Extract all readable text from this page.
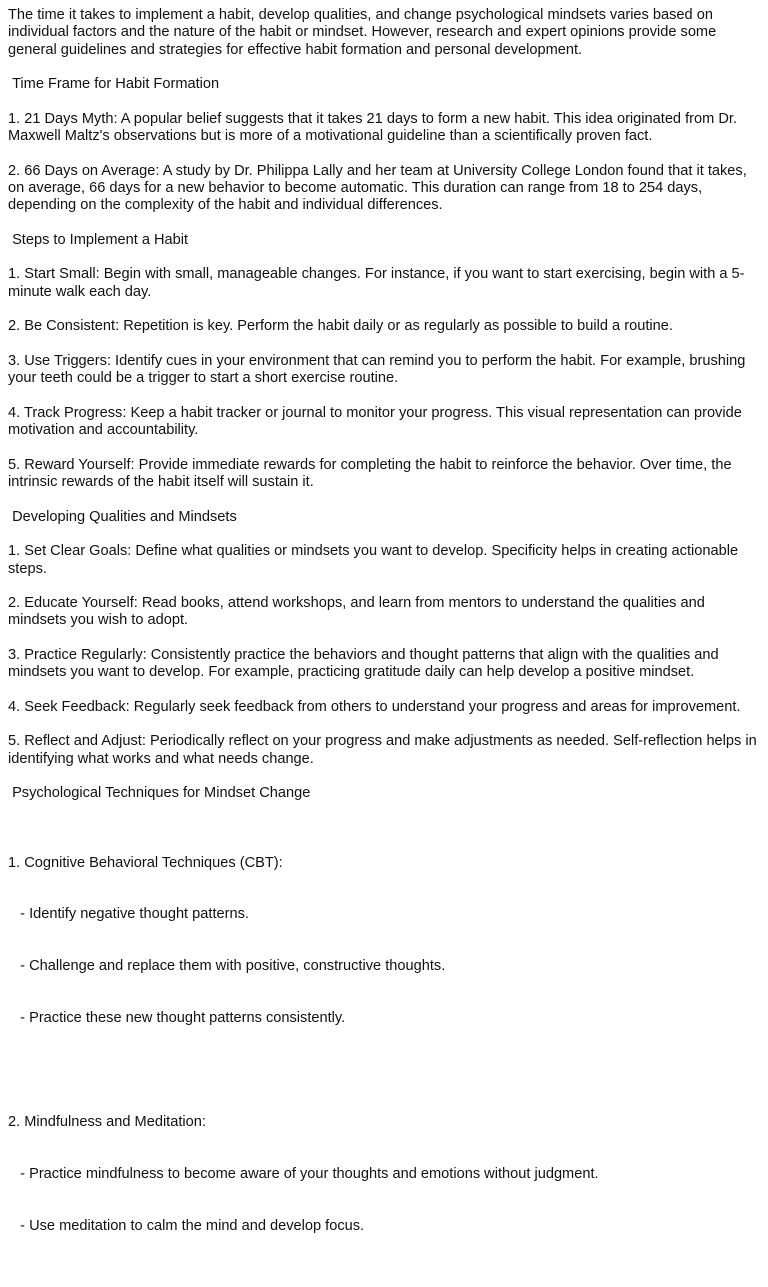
The time it takes to implement a habit, develop qualities, and change psychological mindsets varies based on individual factors and the nature of the habit or mindset. However, research and expert opinions provide some general guidelines and strategies for effective habit formation and personal development.

Time Frame for Habit Formation

1. 21 Days Myth: A popular belief suggests that it takes 21 days to form a new habit. This idea originated from Dr. Maxwell Maltz's observations but is more of a motivational guideline than a scientifically proven fact.

2. 66 Days on Average: A study by Dr. Philippa Lally and her team at University College London found that it takes, on average, 66 days for a new behavior to become automatic. This duration can range from 18 to 254 days, depending on the complexity of the habit and individual differences.

Steps to Implement a Habit

1. Start Small: Begin with small, manageable changes. For instance, if you want to start exercising, begin with a 5-minute walk each day.

2. Be Consistent: Repetition is key. Perform the habit daily or as regularly as possible to build a routine.

3. Use Triggers: Identify cues in your environment that can remind you to perform the habit. For example, brushing your teeth could be a trigger to start a short exercise routine.

4. Track Progress: Keep a habit tracker or journal to monitor your progress. This visual representation can provide motivation and accountability.

5. Reward Yourself: Provide immediate rewards for completing the habit to reinforce the behavior. Over time, the intrinsic rewards of the habit itself will sustain it.

Developing Qualities and Mindsets

1. Set Clear Goals: Define what qualities or mindsets you want to develop. Specificity helps in creating actionable steps.

2. Educate Yourself: Read books, attend workshops, and learn from mentors to understand the qualities and mindsets you wish to adopt.

3. Practice Regularly: Consistently practice the behaviors and thought patterns that align with the qualities and mindsets you want to develop. For example, practicing gratitude daily can help develop a positive mindset.

4. Seek Feedback: Regularly seek feedback from others to understand your progress and areas for improvement.

5. Reflect and Adjust: Periodically reflect on your progress and make adjustments as needed. Self-reflection helps in identifying what works and what needs change.

Psychological Techniques for Mindset Change

1. Cognitive Behavioral Techniques (CBT):

- Identify negative thought patterns.

- Challenge and replace them with positive, constructive thoughts.

- Practice these new thought patterns consistently.

2. Mindfulness and Meditation:

- Practice mindfulness to become aware of your thoughts and emotions without judgment.

- Use meditation to calm the mind and develop focus.
